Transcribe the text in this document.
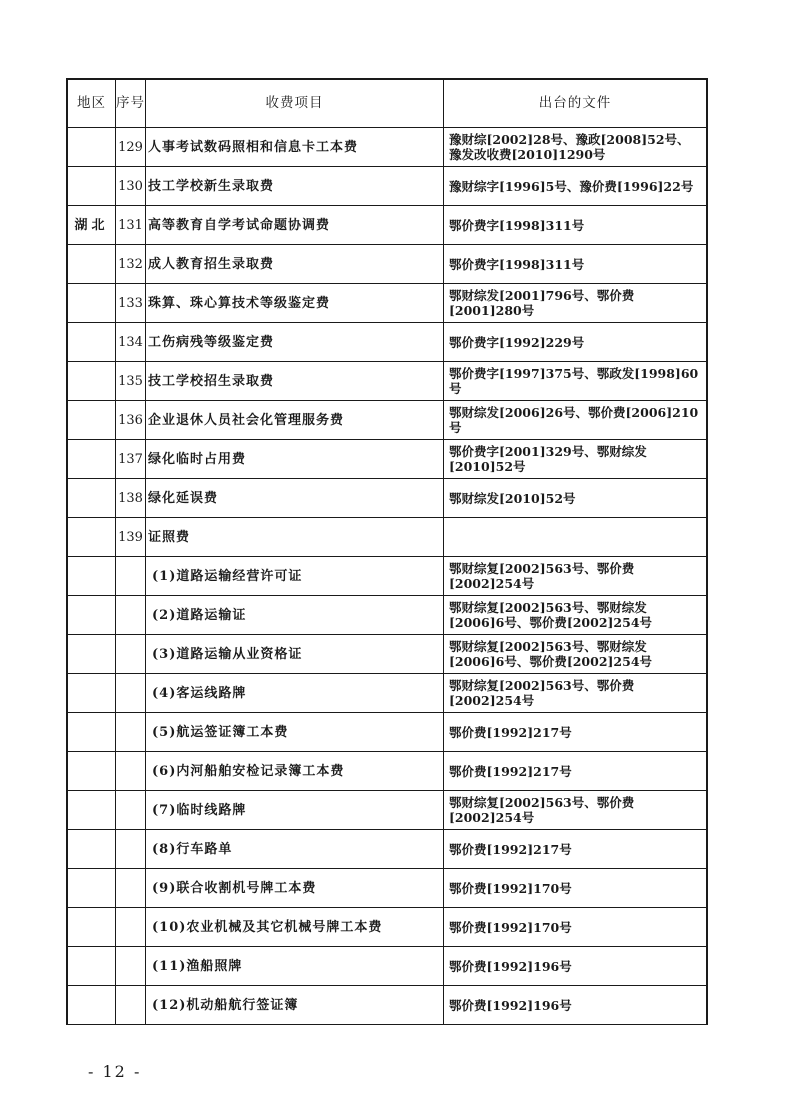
地区 序号	收费项目	出台的文件
129 人事考试数码照相和信息卡工本费	豫财综[2002]28号、豫政[2008]52号、豫发改收费[2010]1290号
130 技工学校新生录取费	豫财综字[1996]5号、豫价费[1996]22号
湖北 131 高等教育自学考试命题协调费	鄂价费字[1998]311号
132 成人教育招生录取费	鄂价费字[1998]311号
133 珠算、珠心算技术等级鉴定费	鄂财综发[2001]796号、鄂价费[2001]280号
134 工伤病残等级鉴定费	鄂价费字[1992]229号
135 技工学校招生录取费	鄂价费字[1997]375号、鄂政发[1998]60号
136 企业退休人员社会化管理服务费	鄂财综发[2006]26号、鄂价费[2006]210号
137 绿化临时占用费	鄂价费字[2001]329号、鄂财综发[2010]52号
138 绿化延误费	鄂财综发[2010]52号
139 证照费
(1)道路运输经营许可证	鄂财综复[2002]563号、鄂价费[2002]254号
(2)道路运输证	鄂财综复[2002]563号、鄂财综发[2006]6号、鄂价费[2002]254号
(3)道路运输从业资格证	鄂财综复[2002]563号、鄂财综发[2006]6号、鄂价费[2002]254号
(4)客运线路牌	鄂财综复[2002]563号、鄂价费[2002]254号
(5)航运签证簿工本费	鄂价费[1992]217号
(6)内河船舶安检记录簿工本费	鄂价费[1992]217号
(7)临时线路牌	鄂财综复[2002]563号、鄂价费[2002]254号
(8)行车路单	鄂价费[1992]217号
(9)联合收割机号牌工本费	鄂价费[1992]170号
(10)农业机械及其它机械号牌工本费	鄂价费[1992]170号
(11)渔船照牌	鄂价费[1992]196号
(12)机动船航行签证簿	鄂价费[1992]196号
- 12 -
